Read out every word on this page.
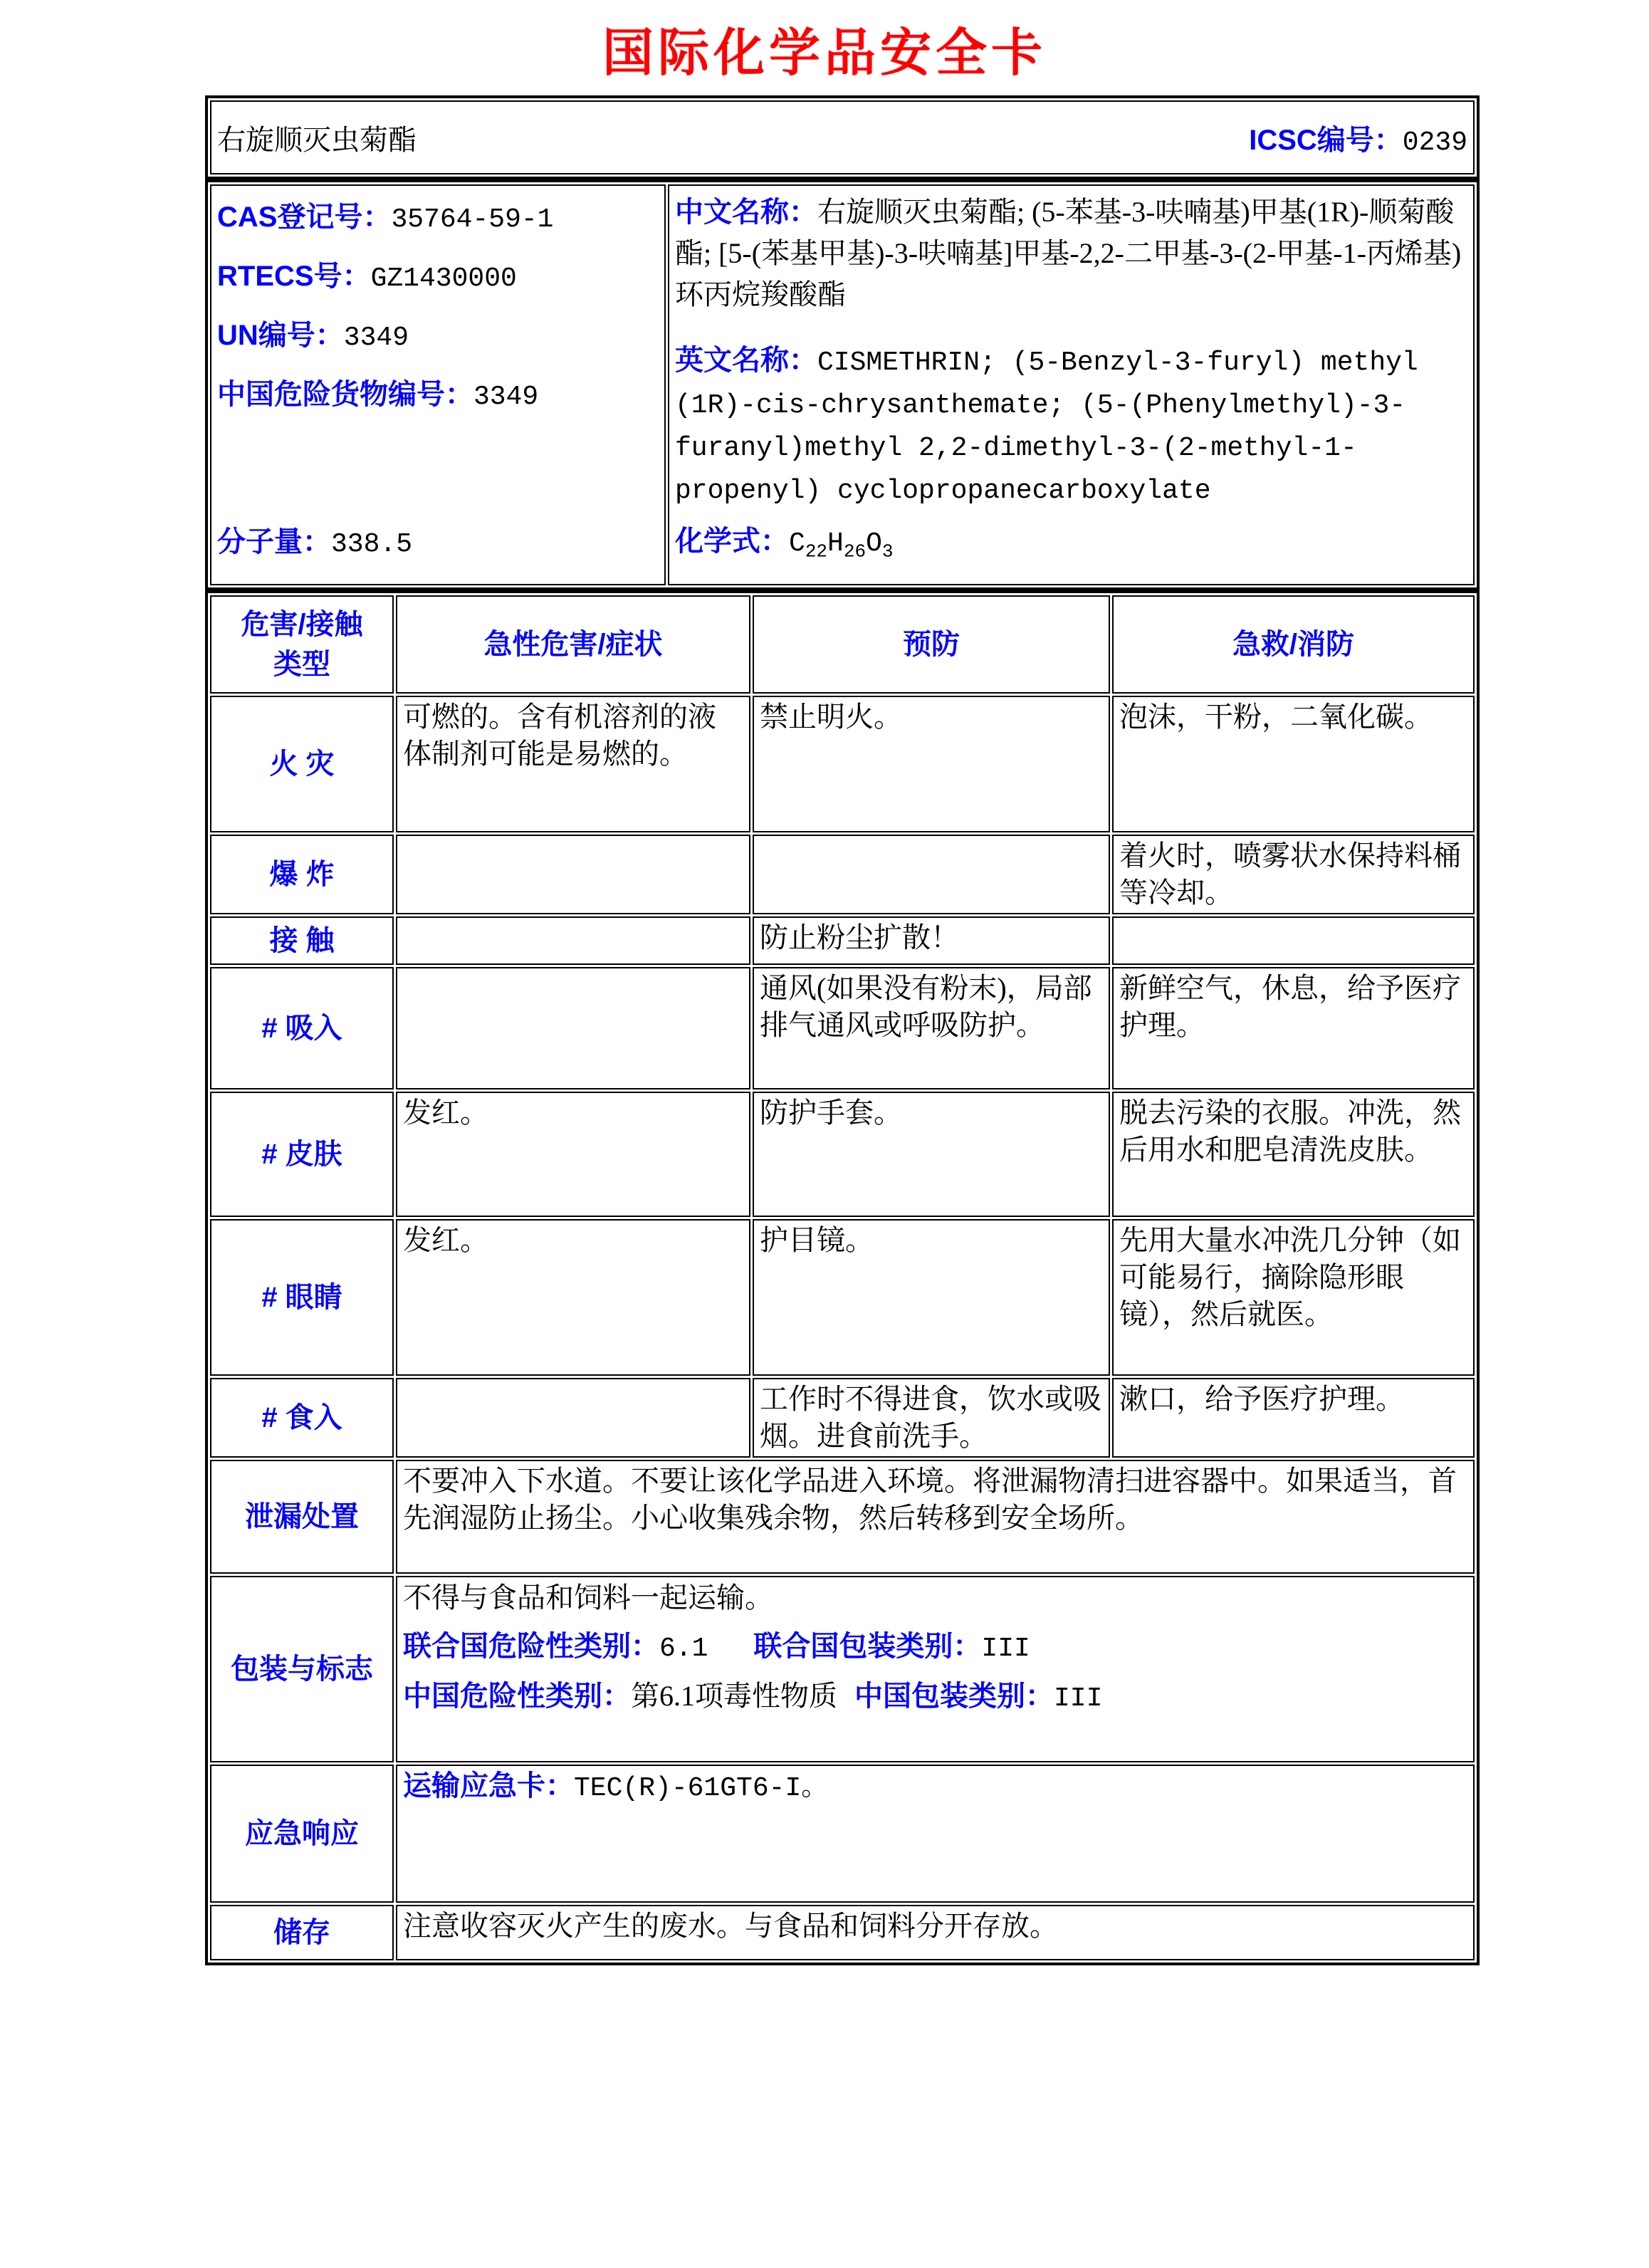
国际化学品安全卡
右旋顺灭虫菊酯	ICSC编号：0239
CAS登记号：35764-59-1
RTECS号：GZ1430000
UN编号：3349
中国危险货物编号：3349
分子量：338.5

中文名称：右旋顺灭虫菊酯; (5-苯基-3-呋喃基)甲基(1R)-顺菊酸酯; [5-(苯基甲基)-3-呋喃基]甲基-2,2-二甲基-3-(2-甲基-1-丙烯基)环丙烷羧酸酯

英文名称：CISMETHRIN; (5-Benzyl-3-furyl) methyl (1R)-cis-chrysanthemate; (5-(Phenylmethyl)-3-furanyl)methyl 2,2-dimethyl-3-(2-methyl-1-propenyl) cyclopropanecarboxylate

化学式：$C_{22}H_{26}O_3$

危害/接触
类型	急性危害/症状	预防	急救/消防
火 灾	可燃的。含有机溶剂的液体制剂可能是易燃的。	禁止明火。	泡沫，干粉，二氧化碳。
爆 炸			着火时，喷雾状水保持料桶等冷却。
接 触		防止粉尘扩散！	
# 吸入		通风(如果没有粉末)，局部排气通风或呼吸防护。	新鲜空气，休息，给予医疗护理。
# 皮肤	发红。	防护手套。	脱去污染的衣服。冲洗，然后用水和肥皂清洗皮肤。
# 眼睛	发红。	护目镜。	先用大量水冲洗几分钟（如可能易行，摘除隐形眼镜），然后就医。
# 食入		工作时不得进食，饮水或吸烟。进食前洗手。	漱口，给予医疗护理。
泄漏处置	不要冲入下水道。不要让该化学品进入环境。将泄漏物清扫进容器中。如果适当，首先润湿防止扬尘。小心收集残余物，然后转移到安全场所。		
包装与标志	不得与食品和饲料一起运输。

联合国危险性类别：6.1 联合国包装类别：III

中国危险性类别：第6.1项毒性物质 中国包装类别：III		

应急响应	运输应急卡：TEC(R)-61GT6-I。		
储存	注意收容灭火产生的废水。与食品和饲料分开存放。		
